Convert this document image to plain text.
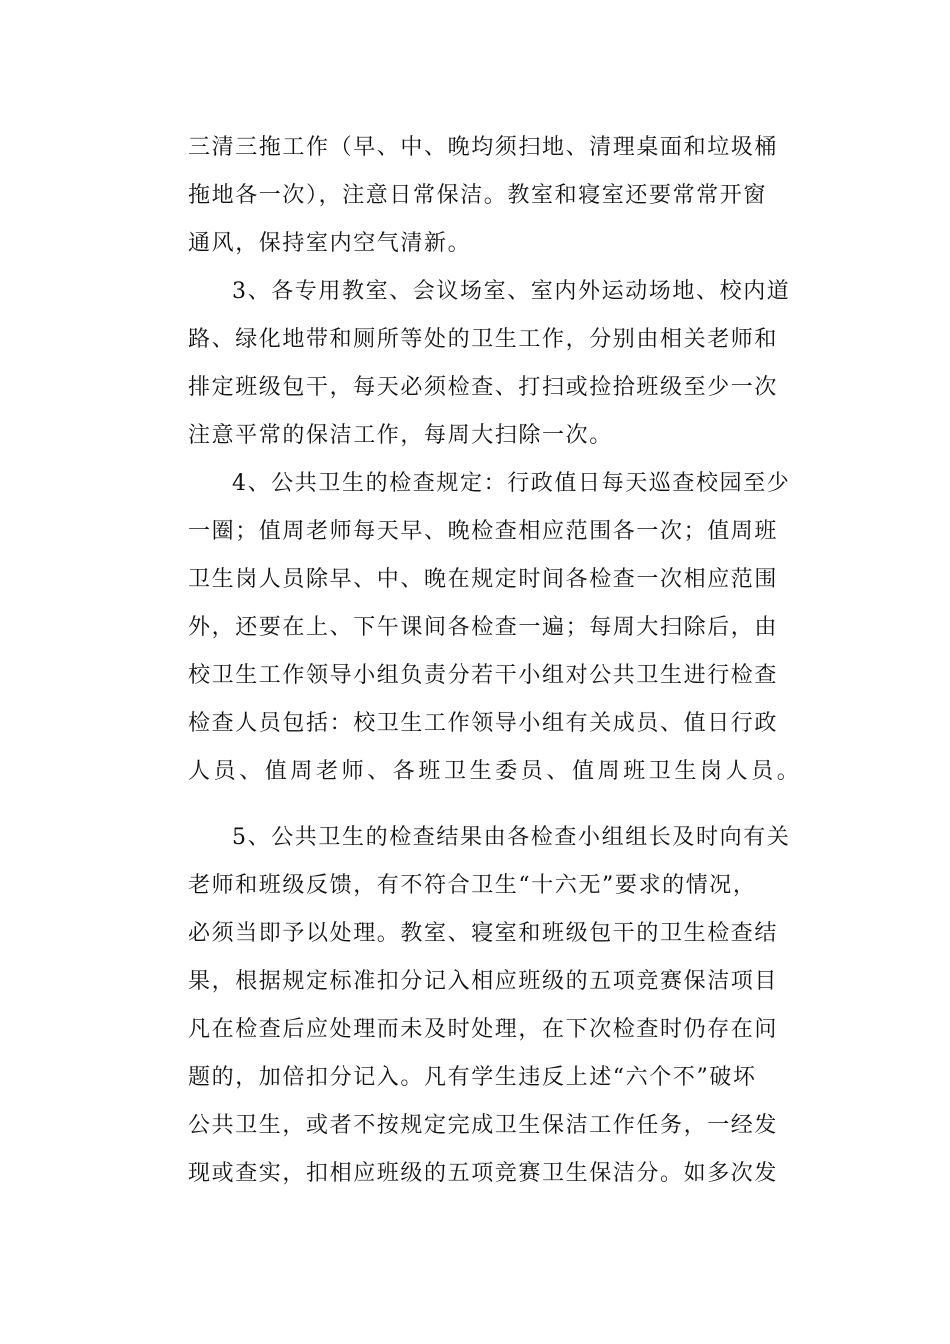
三清三拖工作（早、中、晚均须扫地、清理桌面和垃圾桶
拖地各一次），注意日常保洁。教室和寝室还要常常开窗
通风，保持室内空气清新。
3、各专用教室、会议场室、室内外运动场地、校内道
路、绿化地带和厕所等处的卫生工作，分别由相关老师和
排定班级包干，每天必须检查、打扫或捡拾班级至少一次
注意平常的保洁工作，每周大扫除一次。
4、公共卫生的检查规定：行政值日每天巡查校园至少
一圈；值周老师每天早、晚检查相应范围各一次；值周班
卫生岗人员除早、中、晚在规定时间各检查一次相应范围
外，还要在上、下午课间各检查一遍；每周大扫除后，由
校卫生工作领导小组负责分若干小组对公共卫生进行检查
检查人员包括：校卫生工作领导小组有关成员、值日行政
人员、值周老师、各班卫生委员、值周班卫生岗人员。
5、公共卫生的检查结果由各检查小组组长及时向有关
老师和班级反馈，有不符合卫生“十六无”要求的情况，
必须当即予以处理。教室、寝室和班级包干的卫生检查结
果，根据规定标准扣分记入相应班级的五项竞赛保洁项目
凡在检查后应处理而未及时处理，在下次检查时仍存在问
题的，加倍扣分记入。凡有学生违反上述“六个不”破坏
公共卫生，或者不按规定完成卫生保洁工作任务，一经发
现或查实，扣相应班级的五项竞赛卫生保洁分。如多次发
